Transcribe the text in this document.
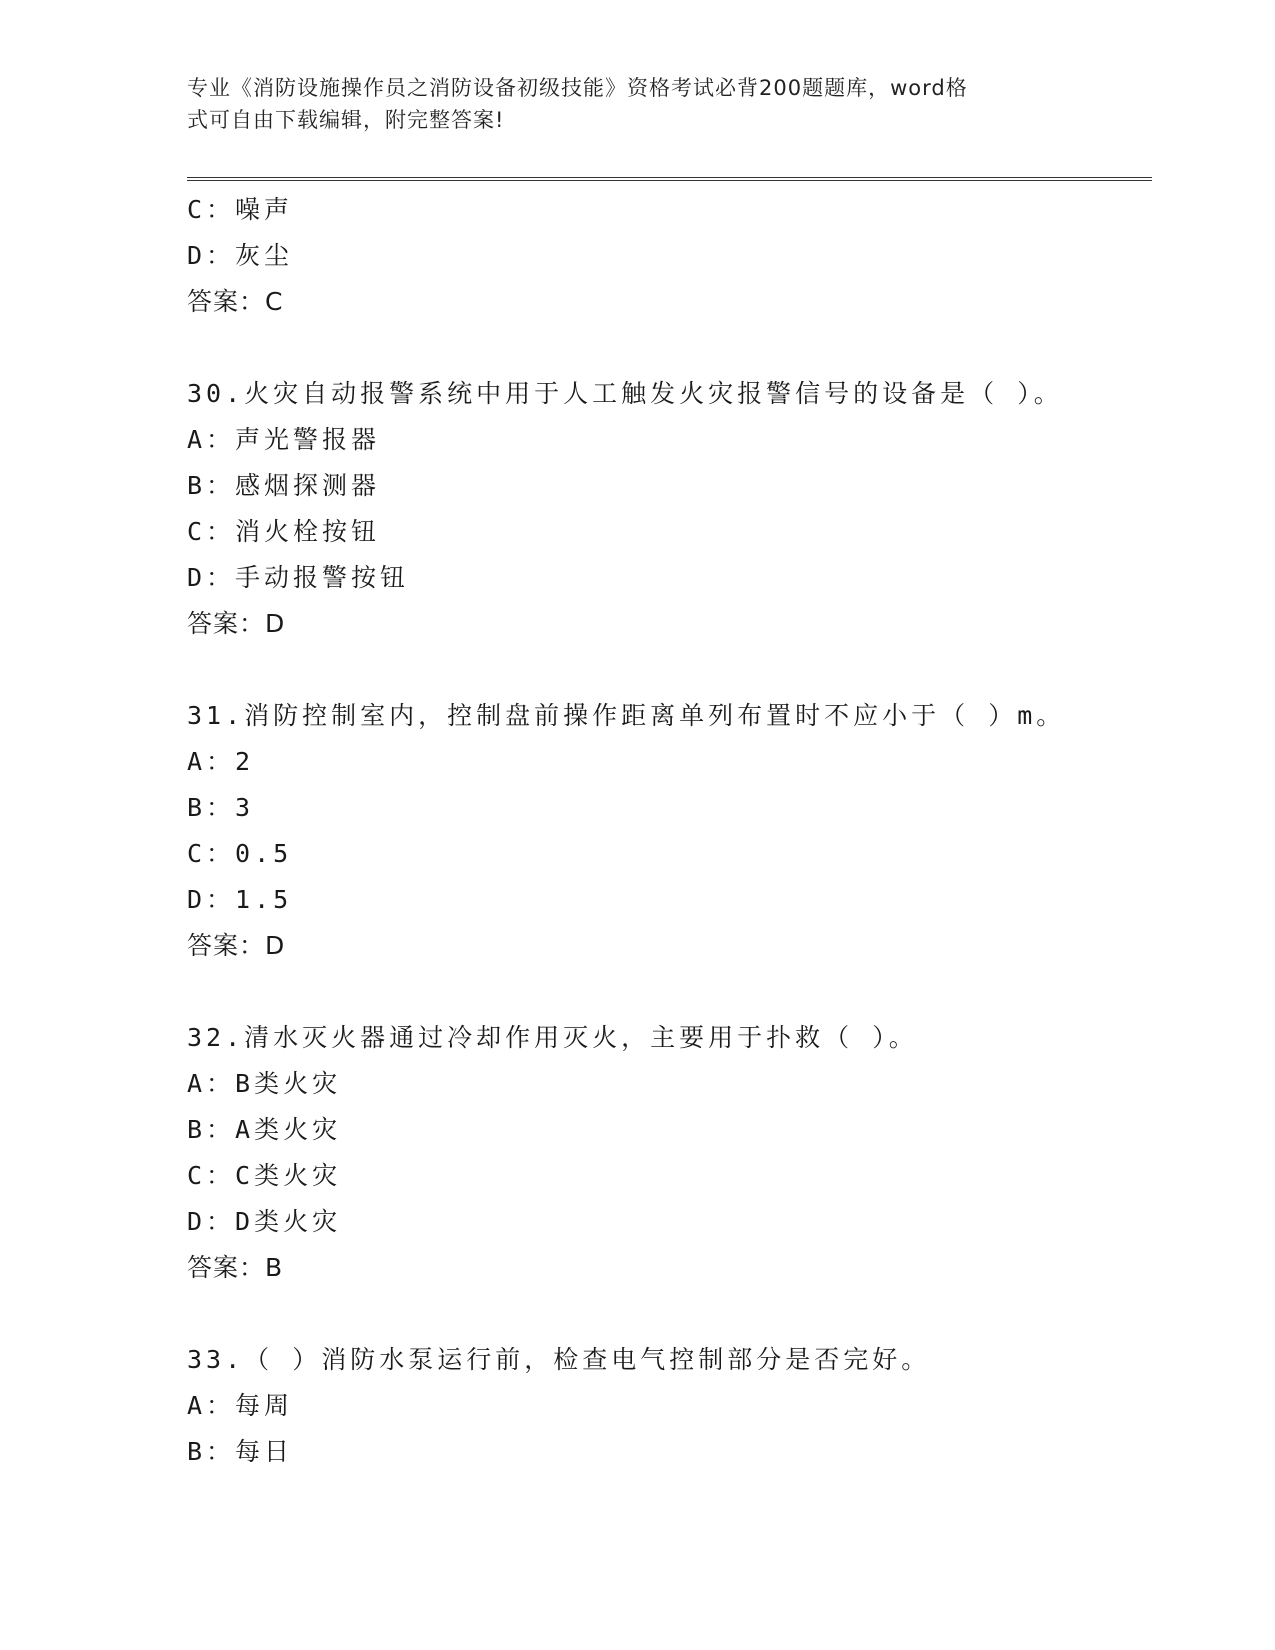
专业《消防设施操作员之消防设备初级技能》资格考试必背200题题库，word格
式可自由下载编辑，附完整答案!
C：噪声
D：灰尘
答案：C
30.火灾自动报警系统中用于人工触发火灾报警信号的设备是（ ）。
A：声光警报器
B：感烟探测器
C：消火栓按钮
D：手动报警按钮
答案：D
31.消防控制室内，控制盘前操作距离单列布置时不应小于（ ）m。
A：2
B：3
C：0.5
D：1.5
答案：D
32.清水灭火器通过冷却作用灭火，主要用于扑救（ ）。
A：B类火灾
B：A类火灾
C：C类火灾
D：D类火灾
答案：B
33.（ ）消防水泵运行前，检查电气控制部分是否完好。
A：每周
B：每日
